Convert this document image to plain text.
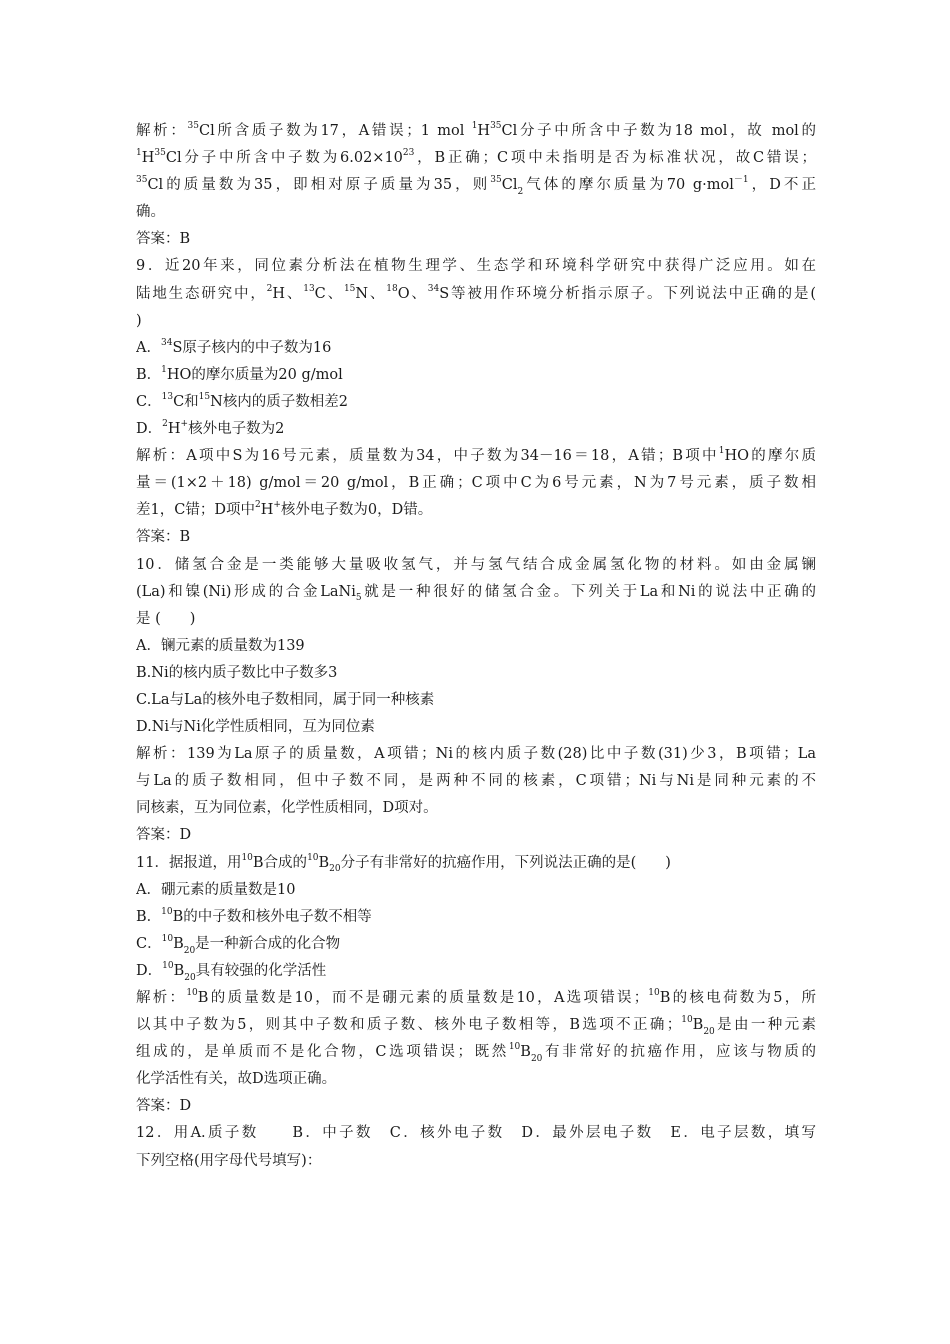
解析：$^{35}$Cl所含质子数为17，A错误；1 mol $^1H^{35}Cl$分子中所含中子数为18 mol，故 mol的
$^1H^{35}Cl$分子中所含中子数为$6.02\times 10^{23}$，B正确；C项中未指明是否为标准状况，故C错误；
$^{35}$Cl的质量数为35，即相对原子质量为35，则$^{35}Cl_2$气体的摩尔质量为70 g·mol$^{-1}$，D不正
确。
答案：B
9．近20年来，同位素分析法在植物生理学、生态学和环境科学研究中获得广泛应用。如在
陆地生态研究中，$^2$H、$^{13}$C、$^{15}$N、$^{18}$O、$^{34}$S等被用作环境分析指示原子。下列说法中正确的是(
)
A．$^{34}$S原子核内的中子数为16
B．$^1$HO的摩尔质量为20 g/mol
C．$^{13}$C和$^{15}$N核内的质子数相差2
D．$^2$H+核外电子数为2
解析：A项中S为16号元素，质量数为34，中子数为34－16＝18，A错；B项中$^1$HO的摩尔质
量＝(1×2＋18) g/mol＝20 g/mol，B正确；C项中C为6号元素，N为7号元素，质子数相
差1，C错；D项中$^2$H+核外电子数为0，D错。
答案：B
10．储氢合金是一类能够大量吸收氢气，并与氢气结合成金属氢化物的材料。如由金属镧
(La)和镍(Ni)形成的合金LaNi$_5$就是一种很好的储氢合金。下列关于La和Ni的说法中正确的
是 (　　)
A．镧元素的质量数为139
B.Ni的核内质子数比中子数多3
C.La与La的核外电子数相同，属于同一种核素
D.Ni与Ni化学性质相同，互为同位素
解析：139为La原子的质量数，A项错；Ni的核内质子数(28)比中子数(31)少3，B项错；La
与La的质子数相同，但中子数不同，是两种不同的核素，C项错；Ni与Ni是同种元素的不
同核素，互为同位素，化学性质相同，D项对。
答案：D
11．据报道，用$^{10}$B合成的$^{10}B_{20}$分子有非常好的抗癌作用，下列说法正确的是(　　)
A．硼元素的质量数是10
B．$^{10}$B的中子数和核外电子数不相等
C．$^{10}B_{20}$是一种新合成的化合物
D．$^{10}B_{20}$具有较强的化学活性
解析：$^{10}$B的质量数是10，而不是硼元素的质量数是10，A选项错误；$^{10}$B的核电荷数为5，所
以其中子数为5，则其中子数和质子数、核外电子数相等，B选项不正确；$^{10}B_{20}$是由一种元素
组成的，是单质而不是化合物，C选项错误；既然$^{10}B_{20}$有非常好的抗癌作用，应该与物质的
化学活性有关，故D选项正确。
答案：D
12．用A.质子数　　B．中子数　C．核外电子数　D．最外层电子数　E．电子层数，填写
下列空格(用字母代号填写)：
